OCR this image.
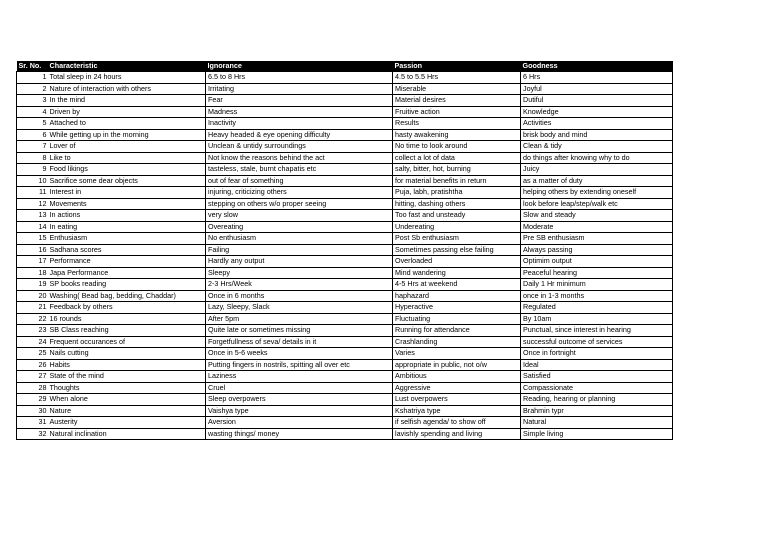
Sr. No.	Characteristic	Ignorance	Passion	Goodness
1	Total sleep in 24 hours	6.5 to 8 Hrs	4.5 to 5.5 Hrs	6 Hrs
2	Nature of interaction with others	Irritating	Miserable	Joyful
3	In the mind	Fear	Material desires	Dutiful
4	Driven by	Madness	Fruitive action	Knowledge
5	Attached to	Inactivity	Results	Activities
6	While getting up in the morning	Heavy headed & eye opening difficulty	hasty awakening	brisk body and mind
7	Lover of	Unclean & untidy surroundings	No time to look around	Clean & tidy
8	Like to	Not know the reasons behind the act	collect a lot of data	do things after knowing why to do
9	Food likings	tasteless, stale, burnt chapatis etc	salty, bitter, hot, burning	Juicy
10	Sacrifice some dear objects	out of fear of something	for material benefits in return	as a matter of duty
11	Interest in	injuring, criticizing others	Puja, labh, pratishtha	helping others by extending oneself
12	Movements	stepping on others w/o proper seeing	hitting, dashing others	look before leap/step/walk etc
13	In actions	very slow	Too fast and unsteady	Slow and steady
14	In eating	Overeating	Undereating	Moderate
15	Enthusiasm	No enthusiasm	Post Sb enthusiasm	Pre SB enthusiasm
16	Sadhana scores	Failing	Sometimes passing else failing	Always passing
17	Performance	Hardly any output	Overloaded	Optimim output
18	Japa Performance	Sleepy	Mind wandering	Peaceful hearing
19	SP books reading	2-3 Hrs/Week	4-5 Hrs at weekend	Daily 1 Hr minimum
20	Washing( Bead bag, bedding, Chaddar)	Once in 6 months	haphazard	once in 1-3 months
21	Feedback by others	Lazy, Sleepy, Slack	Hyperactive	Regulated
22	16 rounds	After 5pm	Fluctuating	By 10am
23	SB Class reaching	Quite late or sometimes missing	Running for attendance	Punctual, since interest in hearing
24	Frequent occurances of	Forgetfullness of seva/ details in it	Crashlanding	successful outcome of services
25	Nails cutting	Once in 5-6 weeks	Varies	Once in fortnight
26	Habits	Putting fingers in nostrils, spitting all over etc	appropriate in public, not o/w	Ideal
27	State of the mind	Laziness	Ambitious	Satisfied
28	Thoughts	Cruel	Aggressive	Compassionate
29	When alone	Sleep overpowers	Lust overpowers	Reading, hearing or planning
30	Nature	Vaishya type	Kshatriya type	Brahmin typr
31	Austerity	Aversion	if selfish agenda/ to show off	Natural
32	Natural inclination	wasting things/ money	lavishly spending and living	Simple living
